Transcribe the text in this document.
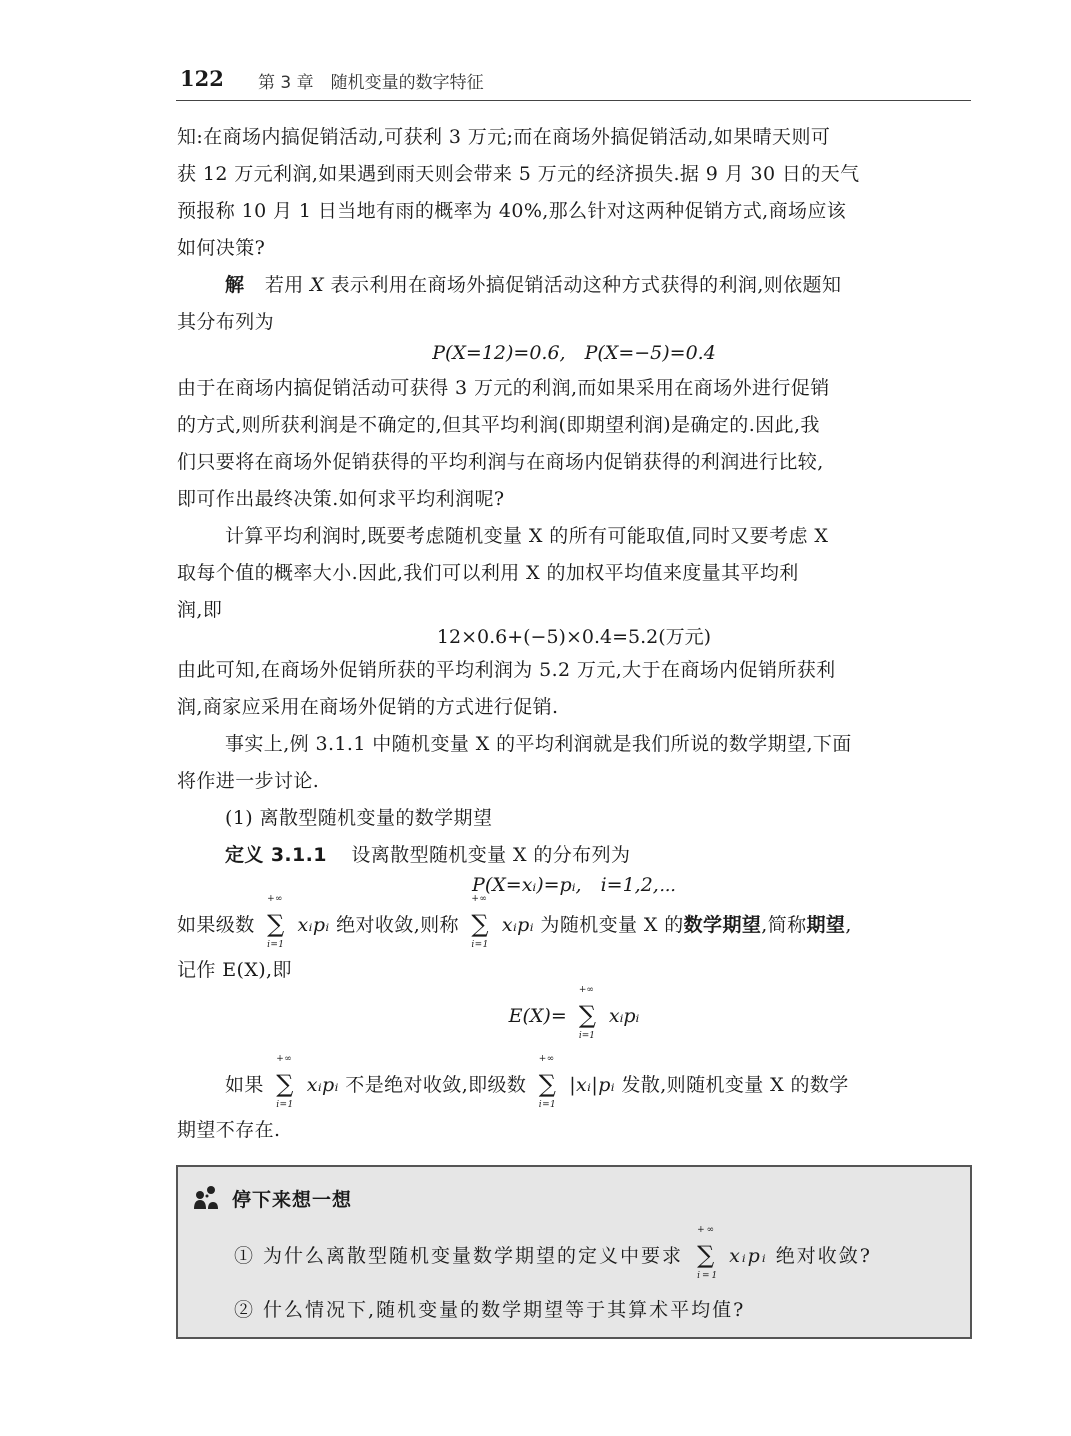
122 第 3 章　随机变量的数字特征
知:在商场内搞促销活动,可获利 3 万元;而在商场外搞促销活动,如果晴天则可
获 12 万元利润,如果遇到雨天则会带来 5 万元的经济损失.据 9 月 30 日的天气
预报称 10 月 1 日当地有雨的概率为 40%,那么针对这两种促销方式,商场应该
如何决策?
解 若用 X 表示利用在商场外搞促销活动这种方式获得的利润,则依题知
其分布列为
P(X=12)=0.6,　P(X=−5)=0.4
由于在商场内搞促销活动可获得 3 万元的利润,而如果采用在商场外进行促销
的方式,则所获利润是不确定的,但其平均利润(即期望利润)是确定的.因此,我
们只要将在商场外促销获得的平均利润与在商场内促销获得的利润进行比较,
即可作出最终决策.如何求平均利润呢?
计算平均利润时,既要考虑随机变量 X 的所有可能取值,同时又要考虑 X
取每个值的概率大小.因此,我们可以利用 X 的加权平均值来度量其平均利
润,即
12×0.6+(−5)×0.4=5.2(万元)
由此可知,在商场外促销所获的平均利润为 5.2 万元,大于在商场内促销所获利
润,商家应采用在商场外促销的方式进行促销.
事实上,例 3.1.1 中随机变量 X 的平均利润就是我们所说的数学期望,下面
将作进一步讨论.
(1) 离散型随机变量的数学期望
定义 3.1.1 设离散型随机变量 X 的分布列为
P(X=xᵢ)=pᵢ,　i=1,2,⋯
如果级数
+∞
∑
i=1
xᵢpᵢ 绝对收敛,则称
+∞
∑
i=1
xᵢpᵢ 为随机变量 X 的数学期望,简称期望,
记作 E(X),即
E(X)=
+∞
∑
i=1
xᵢpᵢ
如果
+∞
∑
i=1
xᵢpᵢ 不是绝对收敛,即级数
+∞
∑
i=1
|xᵢ|pᵢ 发散,则随机变量 X 的数学
期望不存在.
停下来想一想
① 为什么离散型随机变量数学期望的定义中要求
+∞
∑
i=1
xᵢpᵢ 绝对收敛?
② 什么情况下,随机变量的数学期望等于其算术平均值?
